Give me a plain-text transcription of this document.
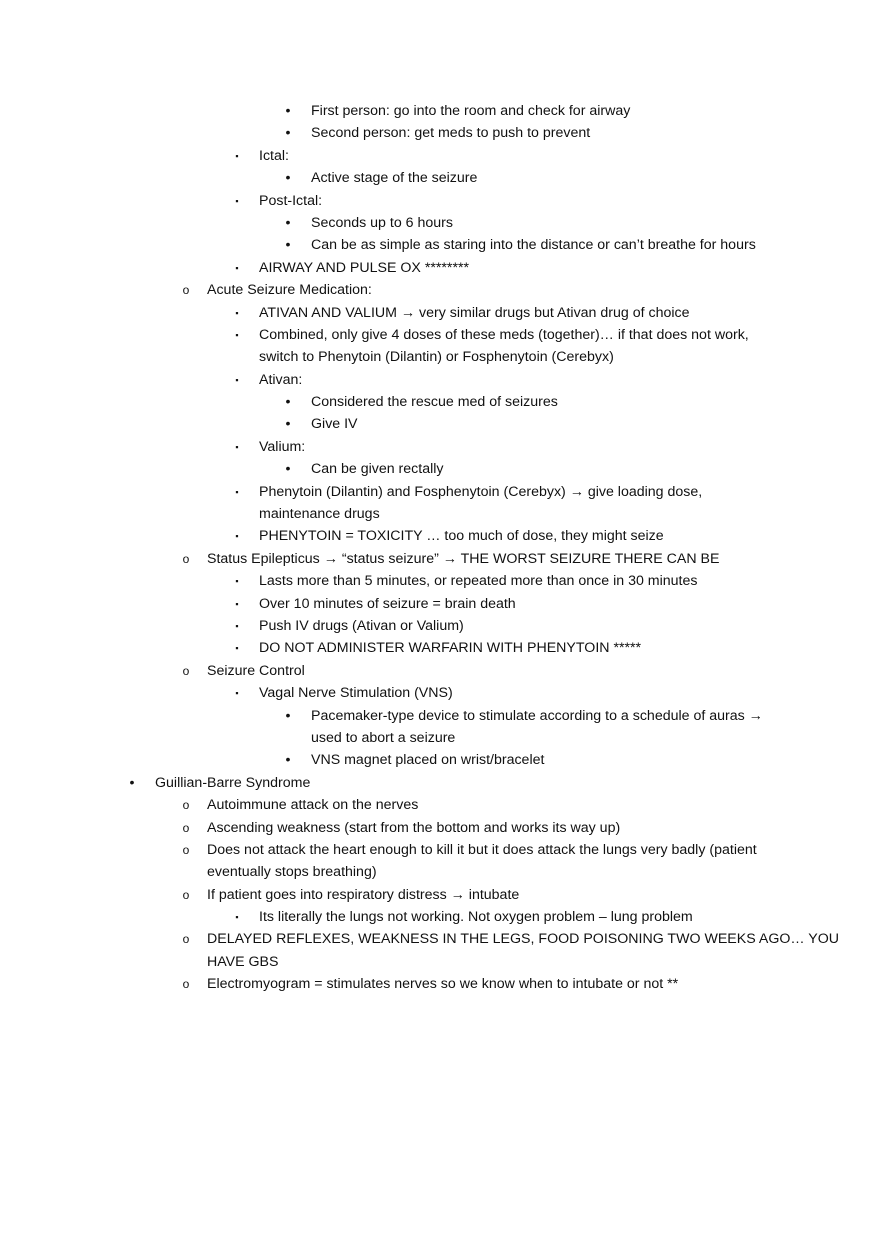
• First person: go into the room and check for airway
• Second person: get meds to push to prevent
▪	Ictal:
• Active stage of the seizure
▪	Post-Ictal:
• Seconds up to 6 hours
• Can be as simple as staring into the distance or can’t breathe for hours
▪	AIRWAY AND PULSE OX ********
o Acute Seizure Medication:
▪	ATIVAN AND VALIUM → very similar drugs but Ativan drug of choice
▪	Combined, only give 4 doses of these meds (together)… if that does not work,
switch to Phenytoin (Dilantin) or Fosphenytoin (Cerebyx)
▪	Ativan:
• Considered the rescue med of seizures
• Give IV
▪	Valium:
• Can be given rectally
▪	Phenytoin (Dilantin) and Fosphenytoin (Cerebyx) → give loading dose,
maintenance drugs
▪	PHENYTOIN = TOXICITY … too much of dose, they might seize
o Status Epilepticus → “status seizure” → THE WORST SEIZURE THERE CAN BE
▪	Lasts more than 5 minutes, or repeated more than once in 30 minutes
▪	Over 10 minutes of seizure = brain death
▪	Push IV drugs (Ativan or Valium)
▪	DO NOT ADMINISTER WARFARIN WITH PHENYTOIN *****
o Seizure Control
▪	Vagal Nerve Stimulation (VNS)
• Pacemaker-type device to stimulate according to a schedule of auras →
used to abort a seizure
• VNS magnet placed on wrist/bracelet
• Guillian-Barre Syndrome
o Autoimmune attack on the nerves
o Ascending weakness (start from the bottom and works its way up)
o Does not attack the heart enough to kill it but it does attack the lungs very badly (patient
eventually stops breathing)
o If patient goes into respiratory distress → intubate
▪	Its literally the lungs not working. Not oxygen problem – lung problem
o DELAYED REFLEXES, WEAKNESS IN THE LEGS, FOOD POISONING TWO WEEKS AGO… YOU
HAVE GBS
o Electromyogram = stimulates nerves so we know when to intubate or not **
